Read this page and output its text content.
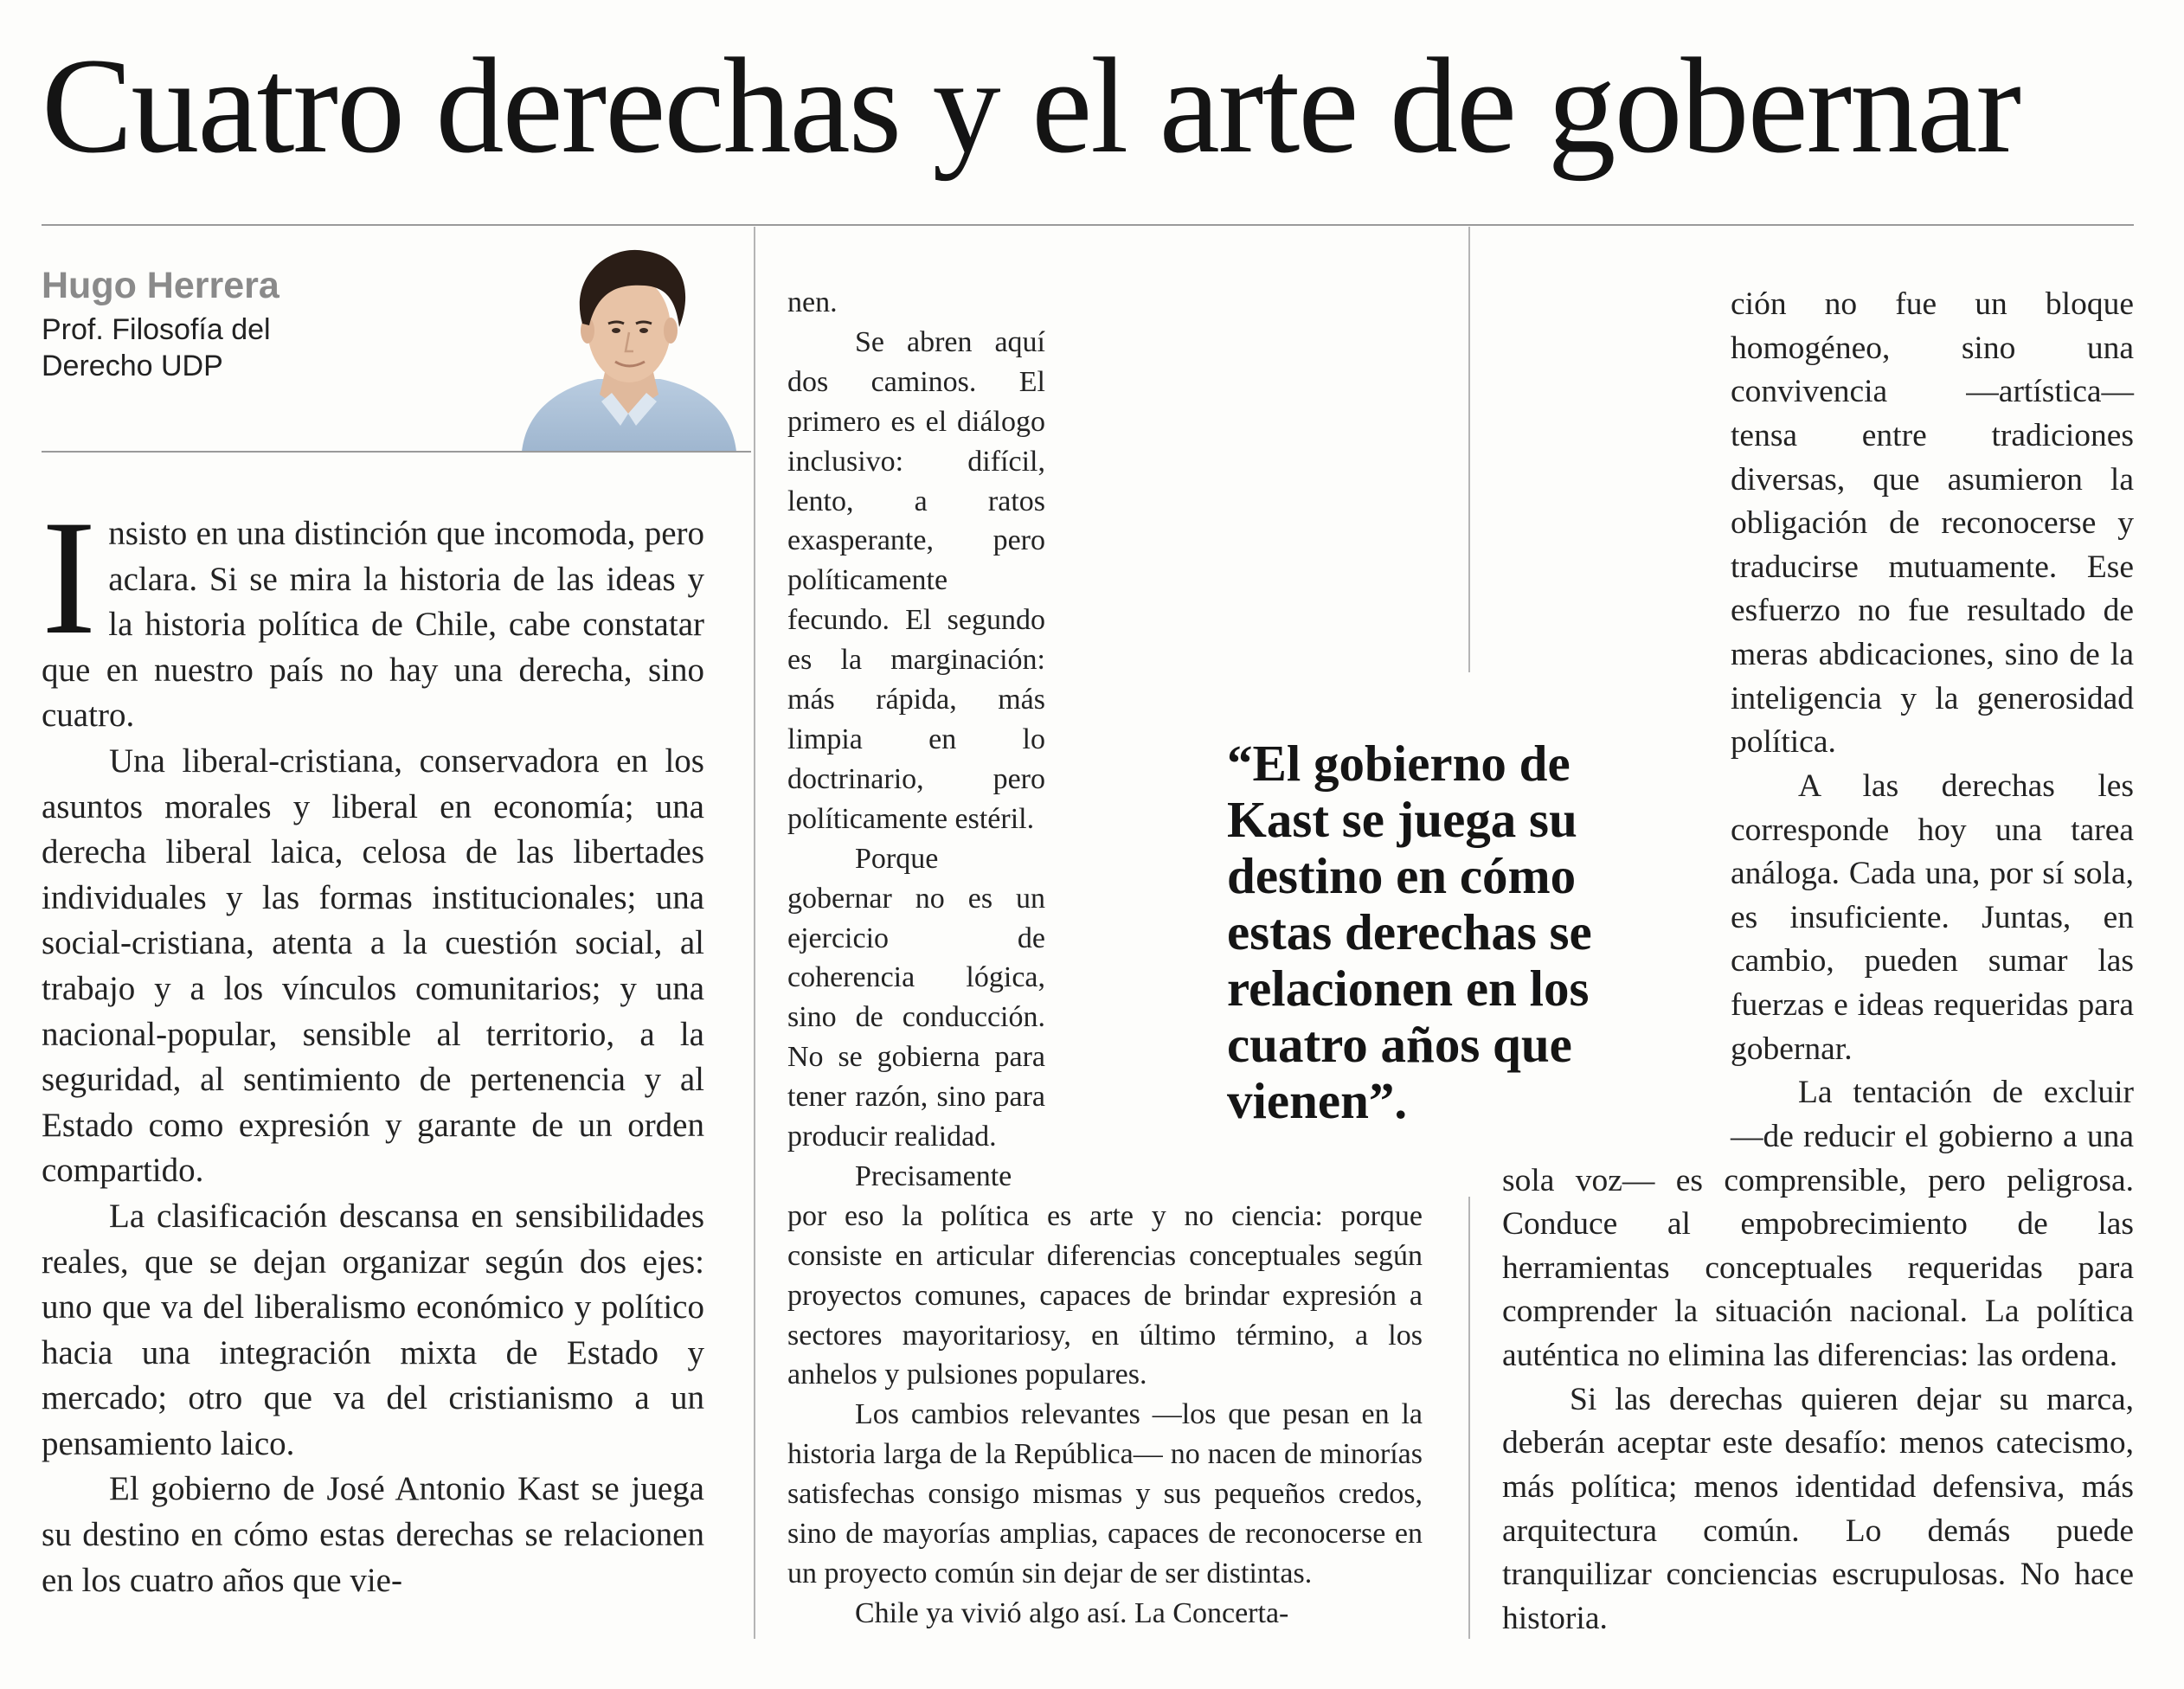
Cuatro derechas y el arte de gobernar
Hugo Herrera
Prof. Filosofía del
Derecho UDP

Insisto en una distinción que incomoda, pero aclara. Si se mira la historia de las ideas y la historia política de Chile, cabe constatar que en nuestro país no hay una derecha, sino cuatro.

Una liberal-cristiana, conservadora en los asuntos morales y liberal en economía; una derecha liberal laica, celosa de las libertades individuales y las formas institucionales; una social-cristiana, atenta a la cuestión social, al trabajo y a los vínculos comunitarios; y una nacional-popular, sensible al territorio, a la seguridad, al sentimiento de pertenencia y al Estado como expresión y garante de un orden compartido.

La clasificación descansa en sensibilidades reales, que se dejan organizar según dos ejes: uno que va del liberalismo económico y político hacia una integración mixta de Estado y mercado; otro que va del cristianismo a un pensamiento laico.

El gobierno de José Antonio Kast se juega su destino en cómo estas derechas se relacionen en los cuatro años que vie-

nen.

Se abren aquí dos caminos. El primero es el diálogo inclusivo: difícil, lento, a ratos exasperante, pero políticamente fecundo. El segundo es la marginación: más rápida, más limpia en lo doctrinario, pero políticamente estéril.

Porque gobernar no es un ejercicio de coherencia lógica, sino de conducción. No se gobierna para tener razón, sino para producir realidad.

Precisamente por eso la política es arte y no ciencia: porque consiste en articular diferencias conceptuales según proyectos comunes, capaces de brindar expresión a sectores mayoritariosy, en último término, a los anhelos y pulsiones populares.

Los cambios relevantes —los que pesan en la historia larga de la República— no nacen de minorías satisfechas consigo mismas y sus pequeños credos, sino de mayorías amplias, capaces de reconocerse en un proyecto común sin dejar de ser distintas.

Chile ya vivió algo así. La Concerta-

ción no fue un bloque homogéneo, sino una convivencia —artística— tensa entre tradiciones diversas, que asumieron la obligación de reconocerse y traducirse mutuamente. Ese esfuerzo no fue resultado de meras abdicaciones, sino de la inteligencia y la generosidad política.

A las derechas les corresponde hoy una tarea análoga. Cada una, por sí sola, es insuficiente. Juntas, en cambio, pueden sumar las fuerzas e ideas requeridas para gobernar.

La tentación de excluir —de reducir el gobierno a una sola voz— es comprensible, pero peligrosa. Conduce al empobrecimiento de las herramientas conceptuales requeridas para comprender la situación nacional. La política auténtica no elimina las diferencias: las ordena.

Si las derechas quieren dejar su marca, deberán aceptar este desafío: menos catecismo, más política; menos identidad defensiva, más arquitectura común. Lo demás puede tranquilizar conciencias escrupulosas. No hace historia.

“El gobierno de Kast se juega su destino en cómo estas derechas se relacionen en los cuatro años que vienen”.
